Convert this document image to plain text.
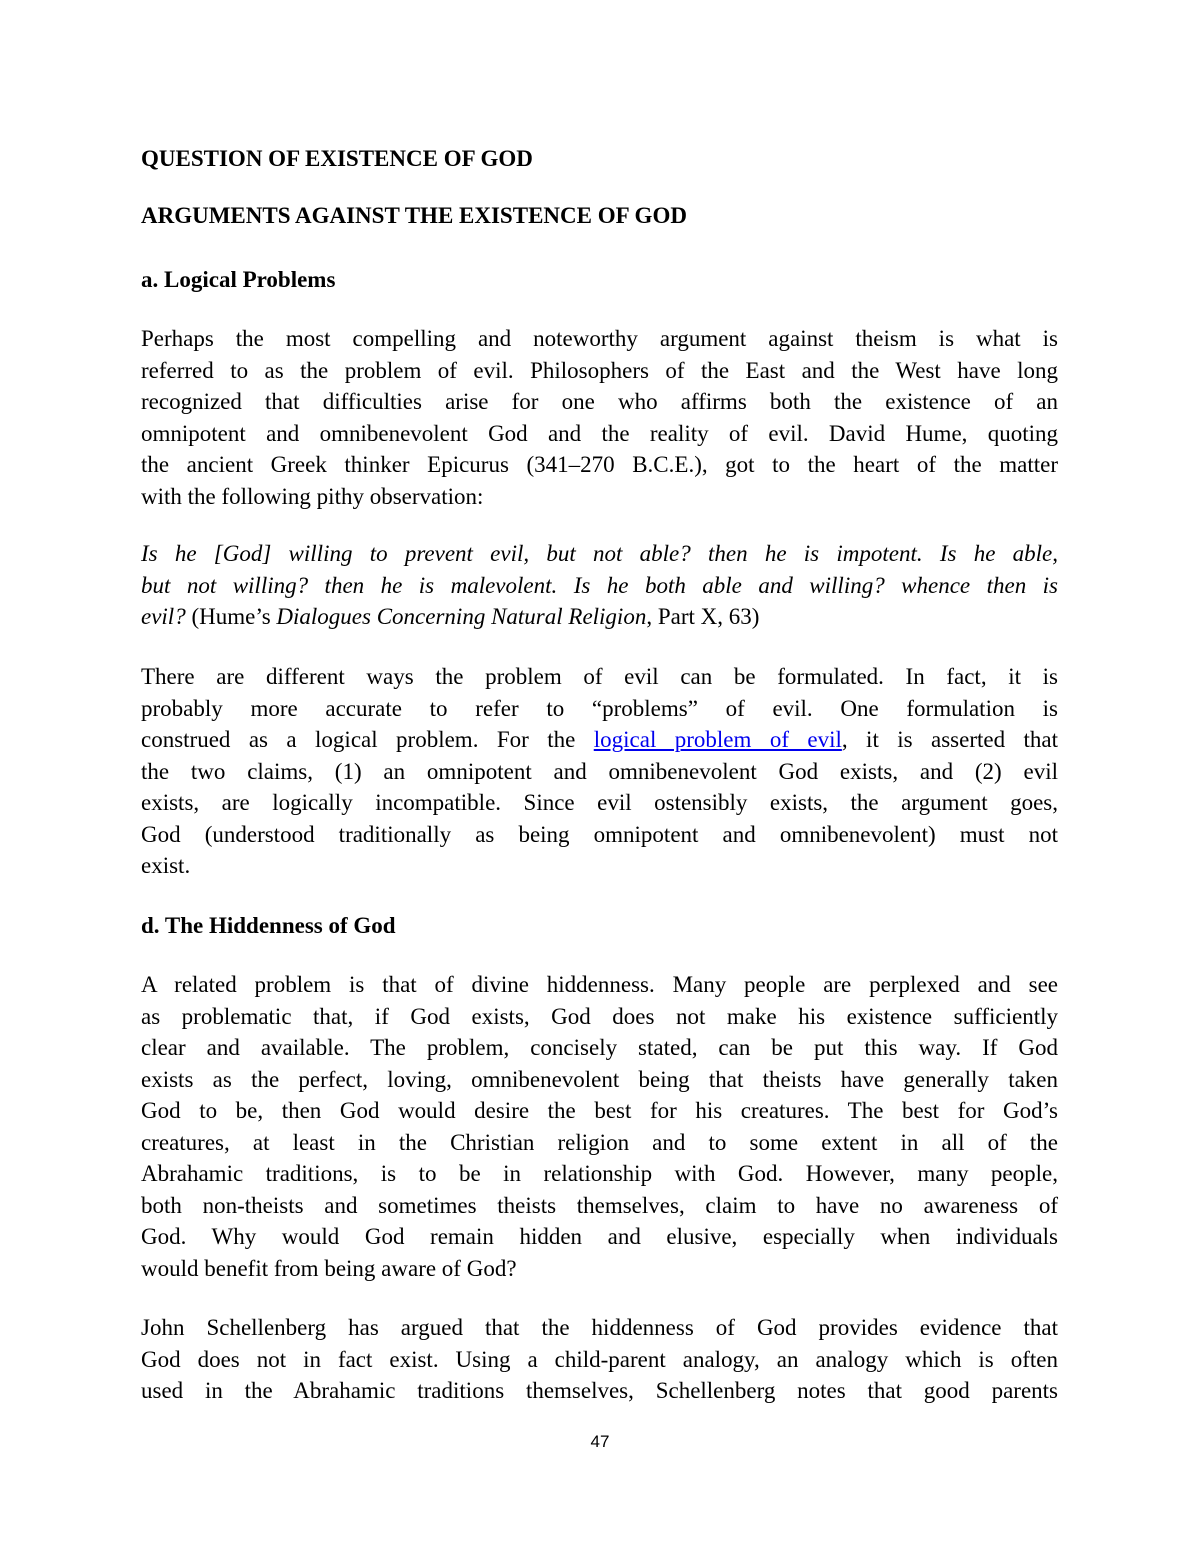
QUESTION OF EXISTENCE OF GOD
ARGUMENTS AGAINST THE EXISTENCE OF GOD
a. Logical Problems
Perhaps the most compelling and noteworthy argument against theism is what is
referred to as the problem of evil. Philosophers of the East and the West have long
recognized that difficulties arise for one who affirms both the existence of an
omnipotent and omnibenevolent God and the reality of evil. David Hume, quoting
the ancient Greek thinker Epicurus (341–270 B.C.E.), got to the heart of the matter
with the following pithy observation:
Is he [God] willing to prevent evil, but not able? then he is impotent. Is he able,
but not willing? then he is malevolent. Is he both able and willing? whence then is
evil? (Hume’s Dialogues Concerning Natural Religion, Part X, 63)
There are different ways the problem of evil can be formulated. In fact, it is
probably more accurate to refer to “problems” of evil. One formulation is
construed as a logical problem. For the logical problem of evil, it is asserted that
the two claims, (1) an omnipotent and omnibenevolent God exists, and (2) evil
exists, are logically incompatible. Since evil ostensibly exists, the argument goes,
God (understood traditionally as being omnipotent and omnibenevolent) must not
exist.
d. The Hiddenness of God
A related problem is that of divine hiddenness. Many people are perplexed and see
as problematic that, if God exists, God does not make his existence sufficiently
clear and available. The problem, concisely stated, can be put this way. If God
exists as the perfect, loving, omnibenevolent being that theists have generally taken
God to be, then God would desire the best for his creatures. The best for God’s
creatures, at least in the Christian religion and to some extent in all of the
Abrahamic traditions, is to be in relationship with God. However, many people,
both non-theists and sometimes theists themselves, claim to have no awareness of
God. Why would God remain hidden and elusive, especially when individuals
would benefit from being aware of God?
John Schellenberg has argued that the hiddenness of God provides evidence that
God does not in fact exist. Using a child-parent analogy, an analogy which is often
used in the Abrahamic traditions themselves, Schellenberg notes that good parents
47
